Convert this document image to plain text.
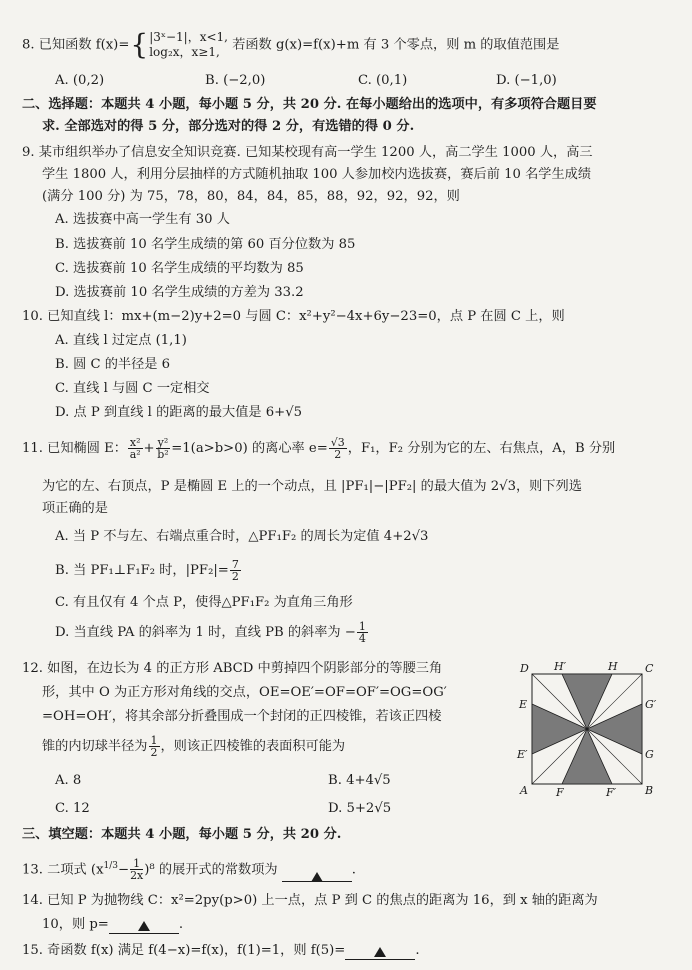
8. 已知函数 f(x)={ |3ˣ−1|，x<1,
log₂x，x≥1, 若函数 g(x)=f(x)+m 有 3 个零点，则 m 的取值范围是
A. (0,2)	B. (−2,0)	C. (0,1)	D. (−1,0)
二、选择题：本题共 4 小题，每小题 5 分，共 20 分. 在每小题给出的选项中，有多项符合题目要
求. 全部选对的得 5 分，部分选对的得 2 分，有选错的得 0 分.
9. 某市组织举办了信息安全知识竞赛. 已知某校现有高一学生 1200 人，高二学生 1000 人，高三
学生 1800 人，利用分层抽样的方式随机抽取 100 人参加校内选拔赛，赛后前 10 名学生成绩
(满分 100 分) 为 75，78，80，84，84，85，88，92，92，92，则
A. 选拔赛中高一学生有 30 人
B. 选拔赛前 10 名学生成绩的第 60 百分位数为 85
C. 选拔赛前 10 名学生成绩的平均数为 85
D. 选拔赛前 10 名学生成绩的方差为 33.2
10. 已知直线 l：mx+(m−2)y+2=0 与圆 C：x²+y²−4x+6y−23=0，点 P 在圆 C 上，则
A. 直线 l 过定点 (1,1)
B. 圆 C 的半径是 6
C. 直线 l 与圆 C 一定相交
D. 点 P 到直线 l 的距离的最大值是 6+√5
11. 已知椭圆 E： $\frac{\text{x²}}{\text{a²}} + \frac{\text{y²}}{\text{b²}} =1(a>b>0)$ 的离心率 $e= \frac{√3}{2}$ ，F₁，F₂ 分别为它的左、右焦点，A，B 分别
为它的左、右顶点，P 是椭圆 E 上的一个动点，且 |PF₁|−|PF₂| 的最大值为 2√3，则下列选
项正确的是
A. 当 P 不与左、右端点重合时，△PF₁F₂ 的周长为定值 4+2√3
B. 当 PF₁⊥F₁F₂ 时，$|PF_2|= \frac{7}{2}$
C. 有且仅有 4 个点 P，使得△PF₁F₂ 为直角三角形
D. 当直线 PA 的斜率为 1 时，直线 PB 的斜率为 − $\frac{1}{4}$
12. 如图，在边长为 4 的正方形 ABCD 中剪掉四个阴影部分的等腰三角
形，其中 O 为正方形对角线的交点，OE=OE′=OF=OF′=OG=OG′
=OH=OH′，将其余部分折叠围成一个封闭的正四棱锥，若该正四棱
锥的内切球半径为 $\frac{1}{2}$ ，则该正四棱锥的表面积可能为
A. 8	B. 4+4√5
C. 12	D. 5+2√5
D H′	H C
E	G′
E′	G
A	F	F′	B
三、填空题：本题共 4 小题，每小题 5 分，共 20 分.
13. 二项式 $(x^{1/3}- \frac{1}{2x} )^8$ 的展开式的常数项为	.
14. 已知 P 为抛物线 C：x²=2py(p>0) 上一点，点 P 到 C 的焦点的距离为 16，到 x 轴的距离为
10，则 p=	.
15. 奇函数 f(x) 满足 f(4−x)=f(x)，f(1)=1，则 f(5)=	.
